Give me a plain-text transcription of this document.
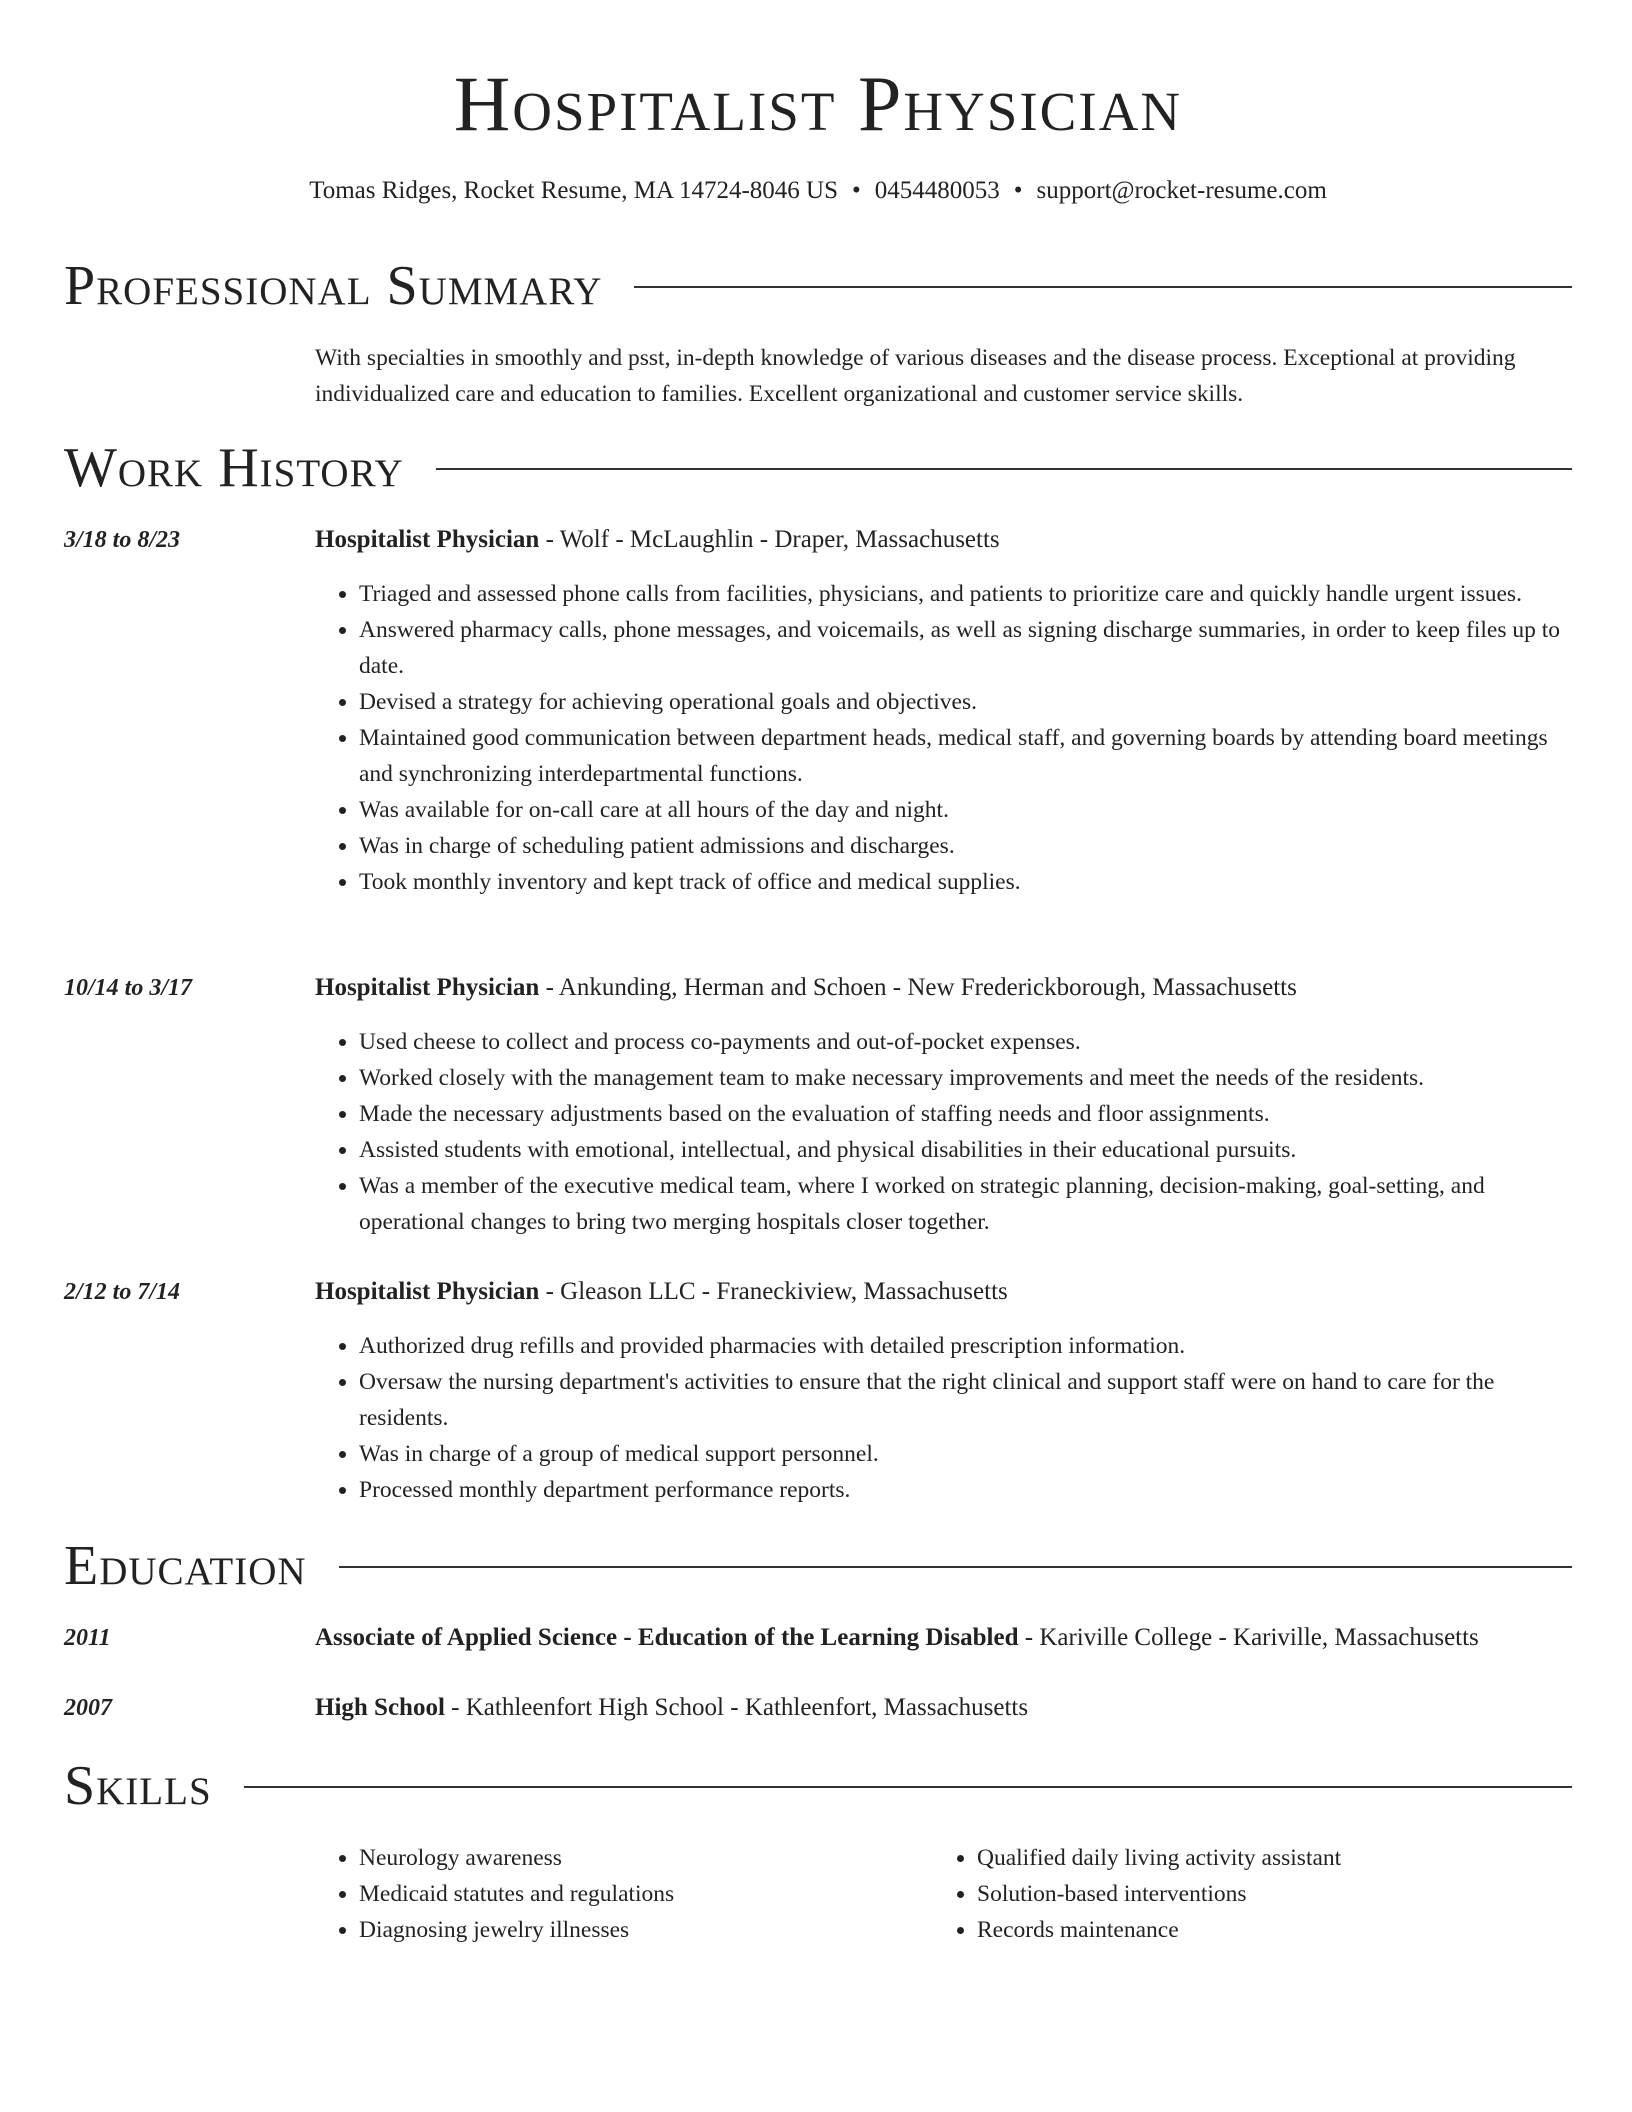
Hospitalist Physician
Tomas Ridges, Rocket Resume, MA 14724-8046 US • 0454480053 • support@rocket-resume.com
Professional Summary
With specialties in smoothly and psst, in-depth knowledge of various diseases and the disease process. Exceptional at providing individualized care and education to families. Excellent organizational and customer service skills.
Work History
3/18 to 8/23	Hospitalist Physician - Wolf - McLaughlin - Draper, Massachusetts
• Triaged and assessed phone calls from facilities, physicians, and patients to prioritize care and quickly handle urgent issues.
• Answered pharmacy calls, phone messages, and voicemails, as well as signing discharge summaries, in order to keep files up to date.
• Devised a strategy for achieving operational goals and objectives.
• Maintained good communication between department heads, medical staff, and governing boards by attending board meetings and synchronizing interdepartmental functions.
• Was available for on-call care at all hours of the day and night.
• Was in charge of scheduling patient admissions and discharges.
• Took monthly inventory and kept track of office and medical supplies.
10/14 to 3/17	Hospitalist Physician - Ankunding, Herman and Schoen - New Frederickborough, Massachusetts
• Used cheese to collect and process co-payments and out-of-pocket expenses.
• Worked closely with the management team to make necessary improvements and meet the needs of the residents.
• Made the necessary adjustments based on the evaluation of staffing needs and floor assignments.
• Assisted students with emotional, intellectual, and physical disabilities in their educational pursuits.
• Was a member of the executive medical team, where I worked on strategic planning, decision-making, goal-setting, and operational changes to bring two merging hospitals closer together.
2/12 to 7/14	Hospitalist Physician - Gleason LLC - Franeckiview, Massachusetts
• Authorized drug refills and provided pharmacies with detailed prescription information.
• Oversaw the nursing department's activities to ensure that the right clinical and support staff were on hand to care for the residents.
• Was in charge of a group of medical support personnel.
• Processed monthly department performance reports.
Education
2011	Associate of Applied Science - Education of the Learning Disabled - Kariville College - Kariville, Massachusetts
2007	High School - Kathleenfort High School - Kathleenfort, Massachusetts
Skills
• Neurology awareness
• Medicaid statutes and regulations
• Diagnosing jewelry illnesses
• Qualified daily living activity assistant
• Solution-based interventions
• Records maintenance
